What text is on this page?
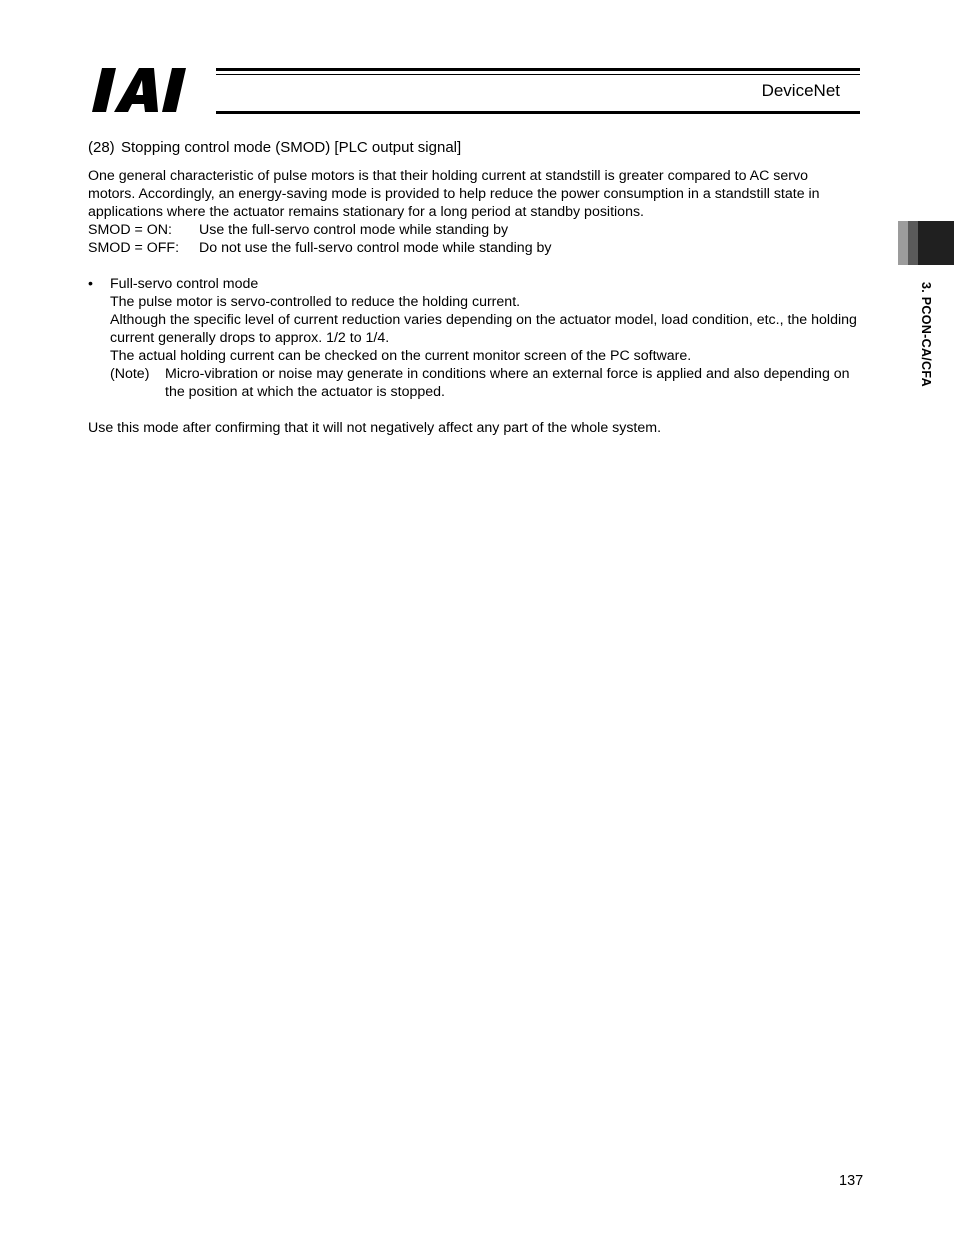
IAI
DeviceNet
(28) Stopping control mode (SMOD) [PLC output signal]

One general characteristic of pulse motors is that their holding current at standstill is greater compared to AC servo motors. Accordingly, an energy-saving mode is provided to help reduce the power consumption in a standstill state in applications where the actuator remains stationary for a long period at standby positions.

SMOD = ON:	Use the full-servo control mode while standing by
SMOD = OFF:	Do not use the full-servo control mode while standing by
•	Full-servo control mode

The pulse motor is servo-controlled to reduce the holding current.

Although the specific level of current reduction varies depending on the actuator model, load condition, etc., the holding current generally drops to approx. 1/2 to 1/4.

The actual holding current can be checked on the current monitor screen of the PC software.

(Note)	Micro-vibration or noise may generate in conditions where an external force is applied and also depending on the position at which the actuator is stopped.

Use this mode after confirming that it will not negatively affect any part of the whole system.

3. PCON-CA/CFA
137
